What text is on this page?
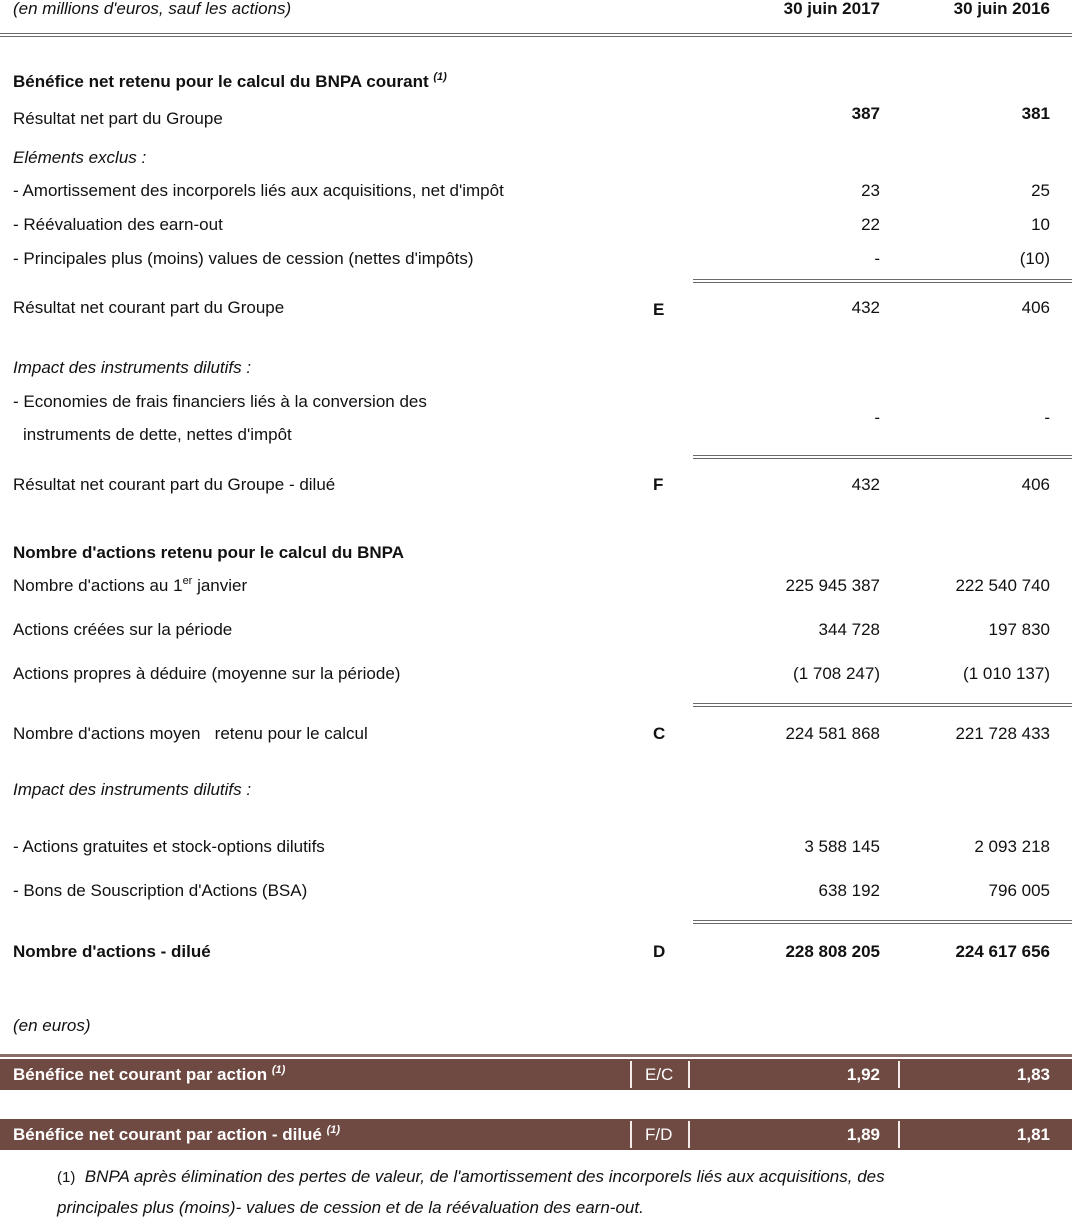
(en millions d'euros, sauf les actions)	30 juin 2017	30 juin 2016
Bénéfice net retenu pour le calcul du BNPA courant $^{(1)}$
Résultat net part du Groupe	387	381
Eléments exclus :
- Amortissement des incorporels liés aux acquisitions, net d'impôt	23	25
- Réévaluation des earn-out	22	10
- Principales plus (moins) values de cession (nettes d'impôts)	-	(10)
Résultat net courant part du Groupe	E	432	406
Impact des instruments dilutifs :
- Economies de frais financiers liés à la conversion des
instruments de dette, nettes d'impôt
-	-
Résultat net courant part du Groupe - dilué	F	432	406
Nombre d'actions retenu pour le calcul du BNPA
Nombre d'actions au 1er janvier	225 945 387	222 540 740
Actions créées sur la période	344 728	197 830
Actions propres à déduire (moyenne sur la période)	(1 708 247)	(1 010 137)
Nombre d'actions moyen   retenu pour le calcul	C	224 581 868	221 728 433
Impact des instruments dilutifs :
- Actions gratuites et stock-options dilutifs	3 588 145	2 093 218
- Bons de Souscription d'Actions (BSA)	638 192	796 005
Nombre d'actions - dilué	D	228 808 205	224 617 656
(en euros)
Bénéfice net courant par action $^{(1)}$	E/C	1,92	1,83
Bénéfice net courant par action - dilué $^{(1)}$	F/D	1,89	1,81
(1) BNPA après élimination des pertes de valeur, de l'amortissement des incorporels liés aux acquisitions, des
principales plus (moins)- values de cession et de la réévaluation des earn-out.
